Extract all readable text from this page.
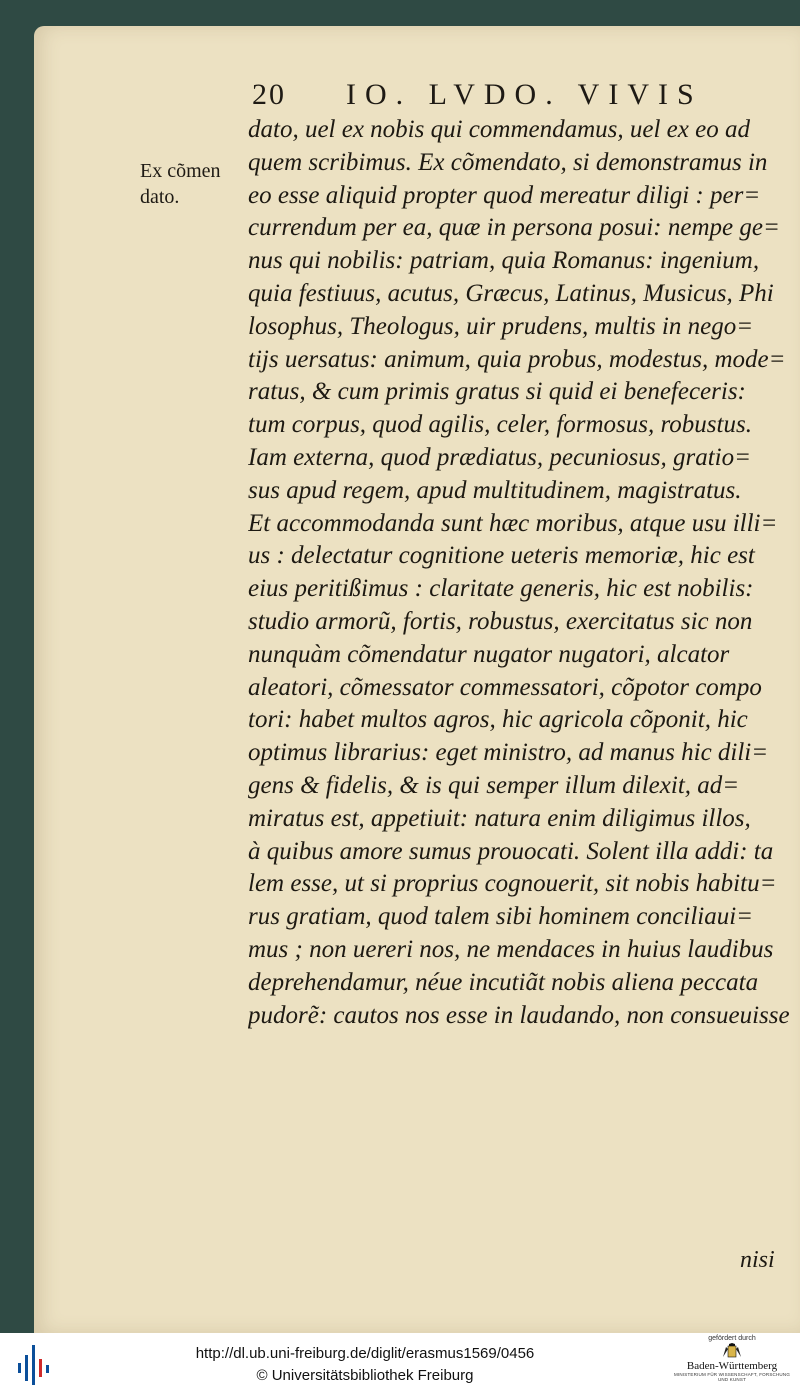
20 IO. LVDO. VIVIS
Ex cõmen
dato.
dato, uel ex nobis qui commendamus, uel ex eo ad
quem scribimus. Ex cõmendato, si demonstramus in
eo esse aliquid propter quod mereatur diligi : per=
currendum per ea, quæ in persona posui: nempe ge=
nus qui nobilis: patriam, quia Romanus: ingenium,
quia festiuus, acutus, Græcus, Latinus, Musicus, Phi
losophus, Theologus, uir prudens, multis in nego=
tijs uersatus: animum, quia probus, modestus, mode=
ratus, & cum primis gratus si quid ei benefeceris:
tum corpus, quod agilis, celer, formosus, robustus.
Iam externa, quod prædiatus, pecuniosus, gratio=
sus apud regem, apud multitudinem, magistratus.
Et accommodanda sunt hæc moribus, atque usu illi=
us : delectatur cognitione ueteris memoriæ, hic est
eius peritißimus : claritate generis, hic est nobilis:
studio armorũ, fortis, robustus, exercitatus sic non
nunquàm cõmendatur nugator nugatori, alcator
aleatori, cõmessator commessatori, cõpotor compo
tori: habet multos agros, hic agricola cõponit, hic
optimus librarius: eget ministro, ad manus hic dili=
gens & fidelis, & is qui semper illum dilexit, ad=
miratus est, appetiuit: natura enim diligimus illos,
à quibus amore sumus prouocati. Solent illa addi: ta
lem esse, ut si proprius cognouerit, sit nobis habitu=
rus gratiam, quod talem sibi hominem conciliaui=
mus ; non uereri nos, ne mendaces in huius laudibus
deprehendamur, néue incutiãt nobis aliena peccata
pudorẽ: cautos nos esse in laudando, non consueuisse
nisi
http://dl.ub.uni-freiburg.de/diglit/erasmus1569/0456
© Universitätsbibliothek Freiburg
gefördert durch
Baden-Württemberg
MINISTERIUM FÜR WISSENSCHAFT, FORSCHUNG UND KUNST
